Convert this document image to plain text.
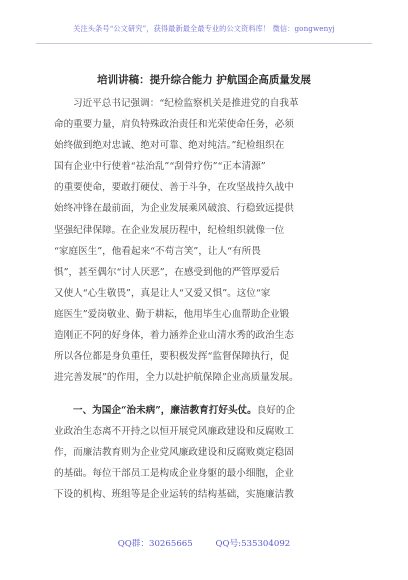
关注头条号“公文研究”，获得最新最全最专业的公文资料库！ 微信：gongwenyj
培训讲稿：提升综合能力 护航国企高质量发展
习近平总书记强调：“纪检监察机关是推进党的自我革
命的重要力量，肩负特殊政治责任和光荣使命任务，必须
始终做到绝对忠诚、绝对可靠、绝对纯洁。”纪检组织在
国有企业中行使着“祛治乱”“刮骨疗伤”“正本清源”
的重要使命，要敢打硬仗、善于斗争，在攻坚战持久战中
始终冲锋在最前面，为企业发展乘风破浪、行稳致远提供
坚强纪律保障。在企业发展历程中，纪检组织就像一位
“家庭医生”，他看起来“不苟言笑”，让人“有所畏
惧”，甚至偶尔“讨人厌恶”，在感受到他的严管厚爱后
又使人“心生敬畏”，真是让人“又爱又惧”。这位“家
庭医生”爱岗敬业、勤于耕耘，他用毕生心血帮助企业锻
造刚正不阿的好身体，着力涵养企业山清水秀的政治生态
所以各位都是身负重任，要积极发挥“监督保障执行，促
进完善发展”的作用，全力以赴护航保障企业高质量发展。
一、为国企“治未病”，廉洁教育打好头仗。良好的企
业政治生态离不开持之以恒开展党风廉政建设和反腐败工
作，而廉洁教育则为企业党风廉政建设和反腐败奠定稳固
的基础。每位干部员工是构成企业身躯的最小细胞，企业
下设的机构、班组等是企业运转的结构基础，实施廉洁教
QQ群：30265665	QQ号:535304092
